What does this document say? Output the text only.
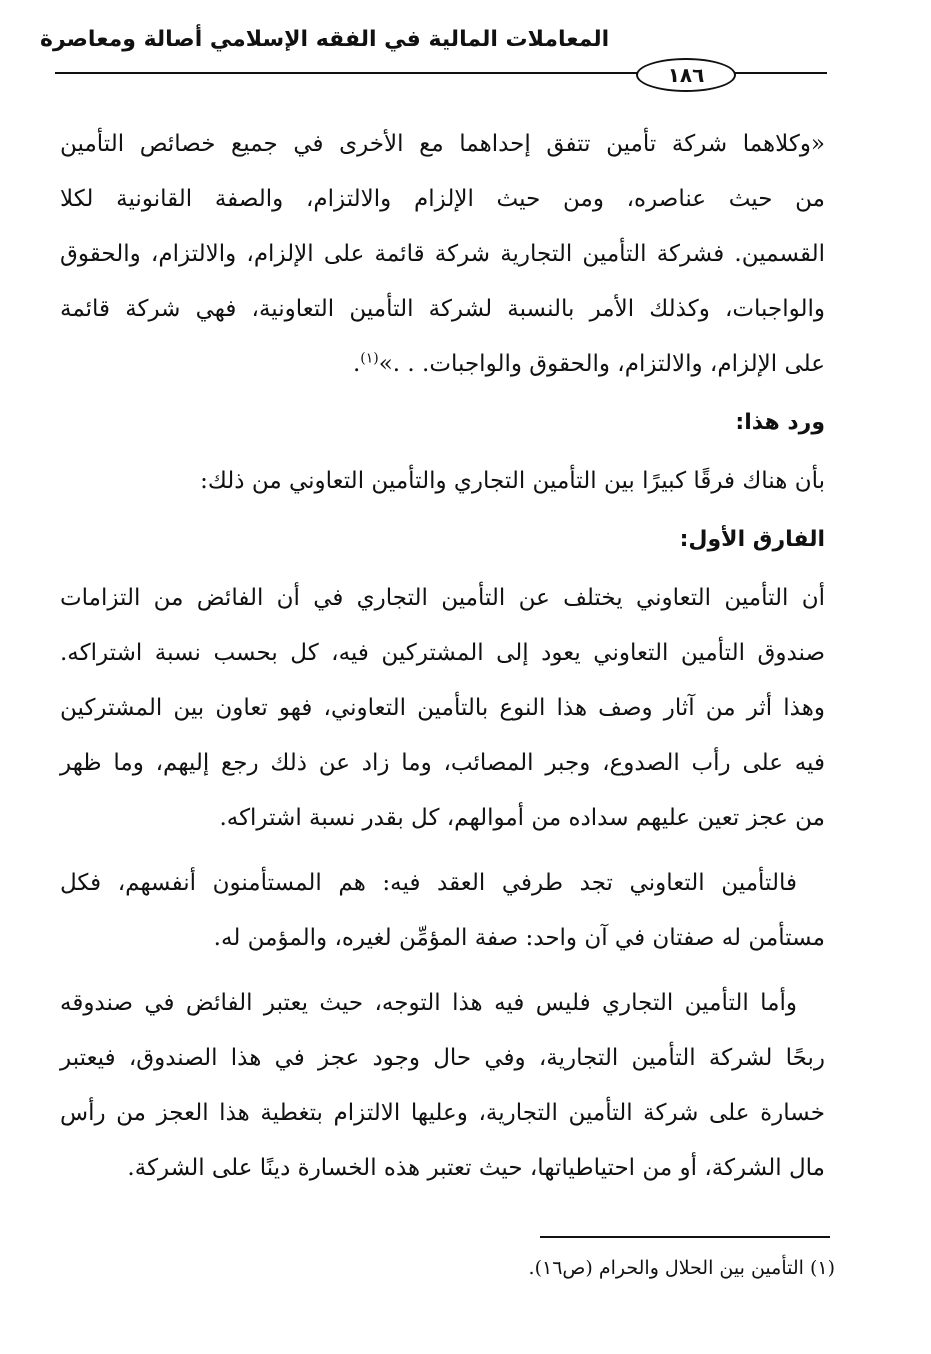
المعاملات المالية في الفقه الإسلامي أصالة ومعاصرة
١٨٦
«وكلاهما شركة تأمين تتفق إحداهما مع الأخرى في جميع خصائص التأمين
من حيث عناصره، ومن حيث الإلزام والالتزام، والصفة القانونية لكلا
القسمين. فشركة التأمين التجارية شركة قائمة على الإلزام، والالتزام، والحقوق
والواجبات، وكذلك الأمر بالنسبة لشركة التأمين التعاونية، فهي شركة قائمة
على الإلزام، والالتزام، والحقوق والواجبات. . .»$^{(١)}$.
ورد هذا:
بأن هناك فرقًا كبيرًا بين التأمين التجاري والتأمين التعاوني من ذلك:
الفارق الأول:
أن التأمين التعاوني يختلف عن التأمين التجاري في أن الفائض من التزامات
صندوق التأمين التعاوني يعود إلى المشتركين فيه، كل بحسب نسبة اشتراكه.
وهذا أثر من آثار وصف هذا النوع بالتأمين التعاوني، فهو تعاون بين المشتركين
فيه على رأب الصدوع، وجبر المصائب، وما زاد عن ذلك رجع إليهم، وما ظهر
من عجز تعين عليهم سداده من أموالهم، كل بقدر نسبة اشتراكه.
فالتأمين التعاوني تجد طرفي العقد فيه: هم المستأمنون أنفسهم، فكل
مستأمن له صفتان في آن واحد: صفة المؤمِّن لغيره، والمؤمن له.
وأما التأمين التجاري فليس فيه هذا التوجه، حيث يعتبر الفائض في صندوقه
ربحًا لشركة التأمين التجارية، وفي حال وجود عجز في هذا الصندوق، فيعتبر
خسارة على شركة التأمين التجارية، وعليها الالتزام بتغطية هذا العجز من رأس
مال الشركة، أو من احتياطياتها، حيث تعتبر هذه الخسارة دينًا على الشركة.
(١) التأمين بين الحلال والحرام (ص١٦).
